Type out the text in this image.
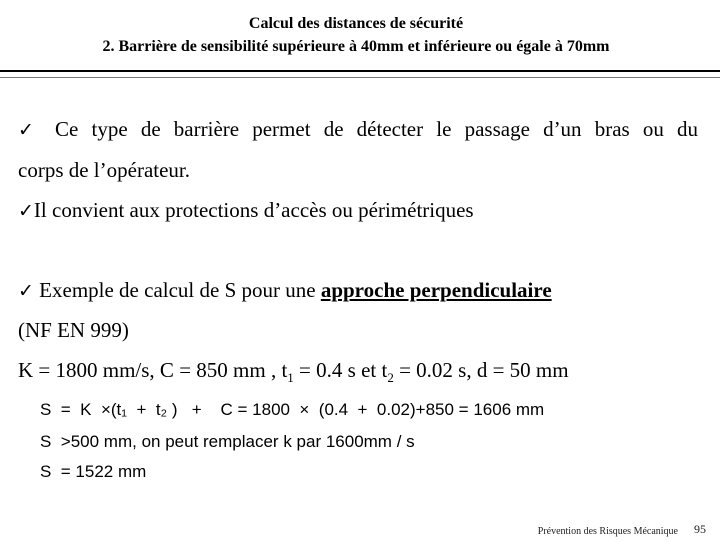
Calcul des distances de sécurité
2. Barrière de sensibilité supérieure à 40mm et inférieure ou égale à 70mm
✓ Ce type de barrière permet de détecter le passage d’un bras ou du
corps de l’opérateur.
✓Il convient aux protections d’accès ou périmétriques
✓ Exemple de calcul de S pour une approche perpendiculaire
(NF EN 999)
K = 1800 mm/s, C = 850 mm , $t_1 = 0.4$ s et $t_2 = 0.02$ s, d = 50 mm
S  =  K  ×(t₁  +  t₂ )   +    C = 1800  ×  (0.4  +  0.02)+850 = 1606 mm
S  >500 mm, on peut remplacer k par 1600mm / s
S  = 1522 mm
Prévention des Risques Mécanique 95
